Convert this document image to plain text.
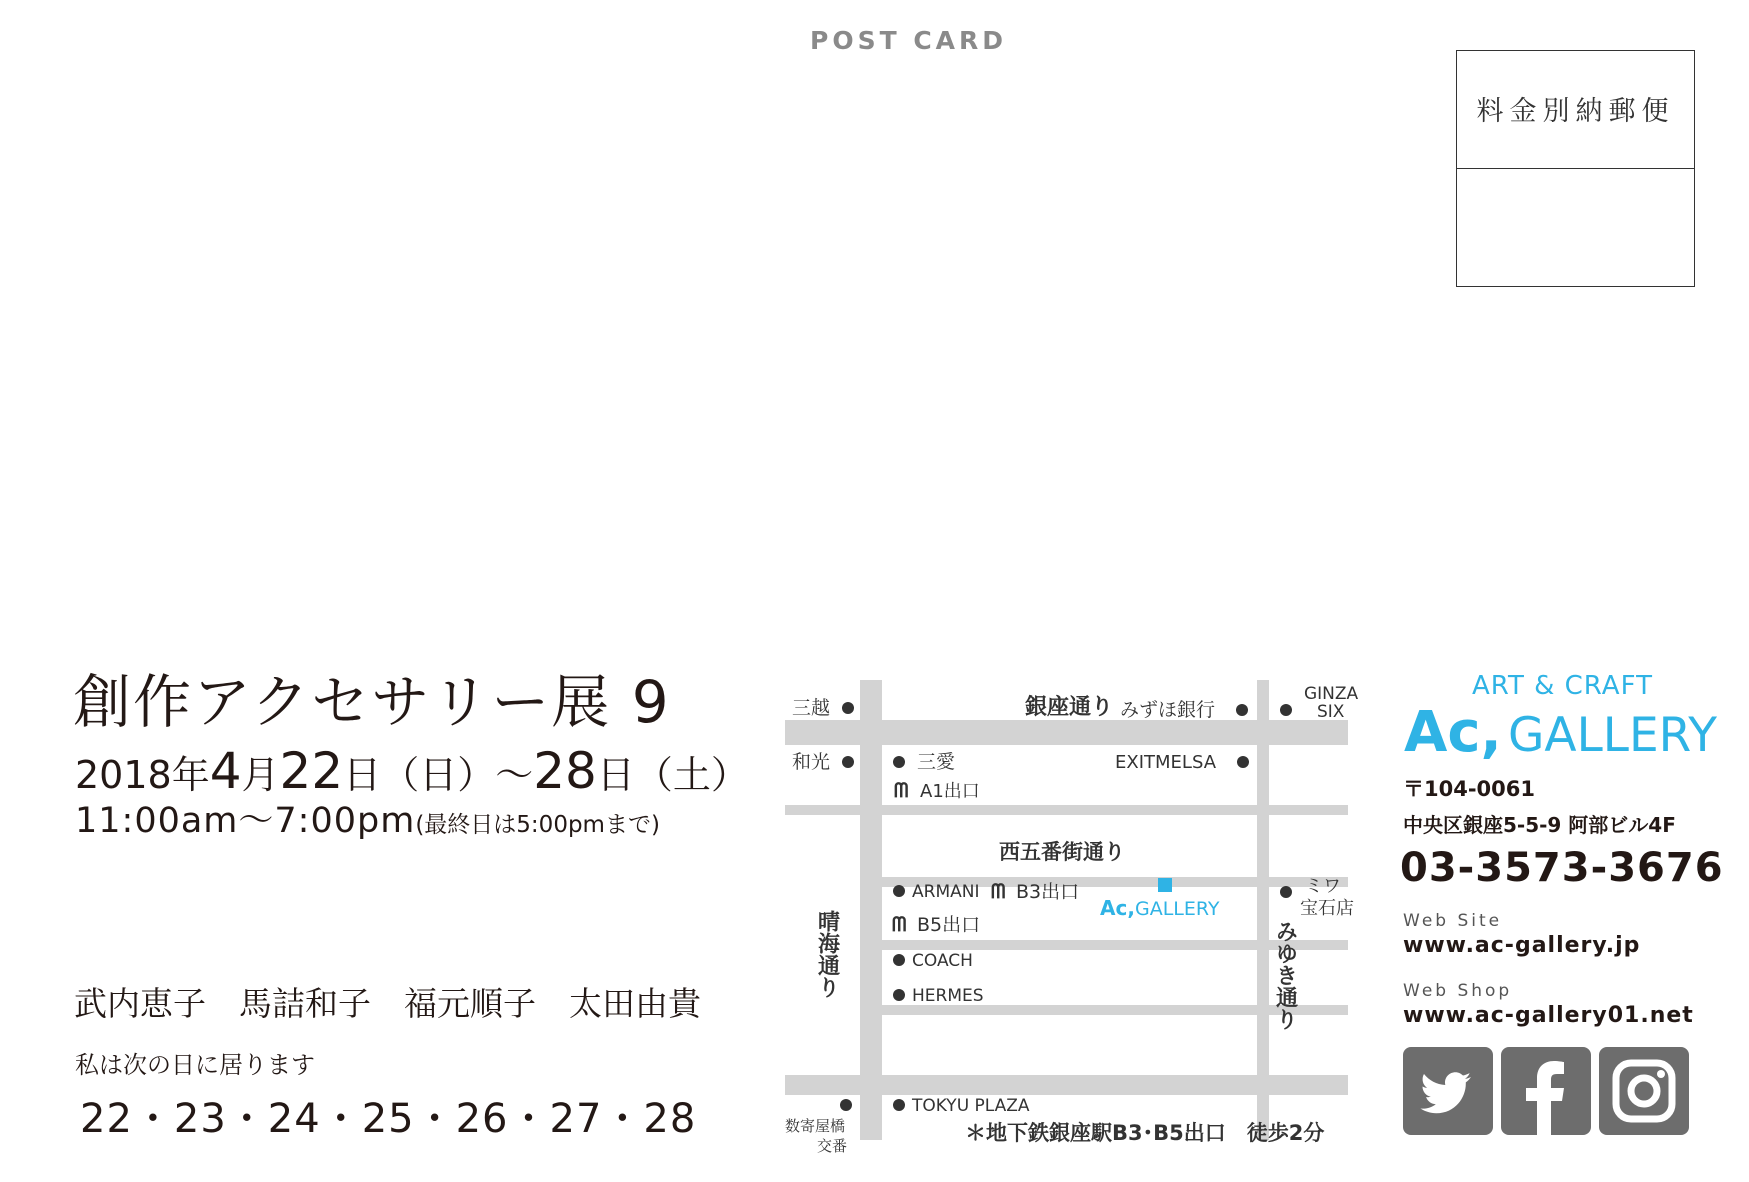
POST CARD
料金別納郵便
創作アクセサリー展 9
2018年4月22日（日）～28日（土）
11:00am～7:00pm(最終日は5:00pmまで)
武内恵子　馬詰和子　福元順子　太田由貴
私は次の日に居ります
22・23・24・25・26・27・28
三越	銀座通り みずほ銀行
GINZA
SIX
和光	三愛	EXITMELSA
ᗰ A1出口
西五番街通り
ARMANI ᗰ B3出口
Ac, GALLERY
ミワ
宝石店
ᗰ B5出口
晴海通り	みゆき通り
COACH
HERMES
TOKYU PLAZA
数寄屋橋
交番
＊地下鉄銀座駅B3･B5出口　徒歩2分
ART & CRAFT
Ac, GALLERY
〒104-0061
中央区銀座5-5-9 阿部ビル4F
03-3573-3676
Web Site
www.ac-gallery.jp
Web Shop
www.ac-gallery01.net
